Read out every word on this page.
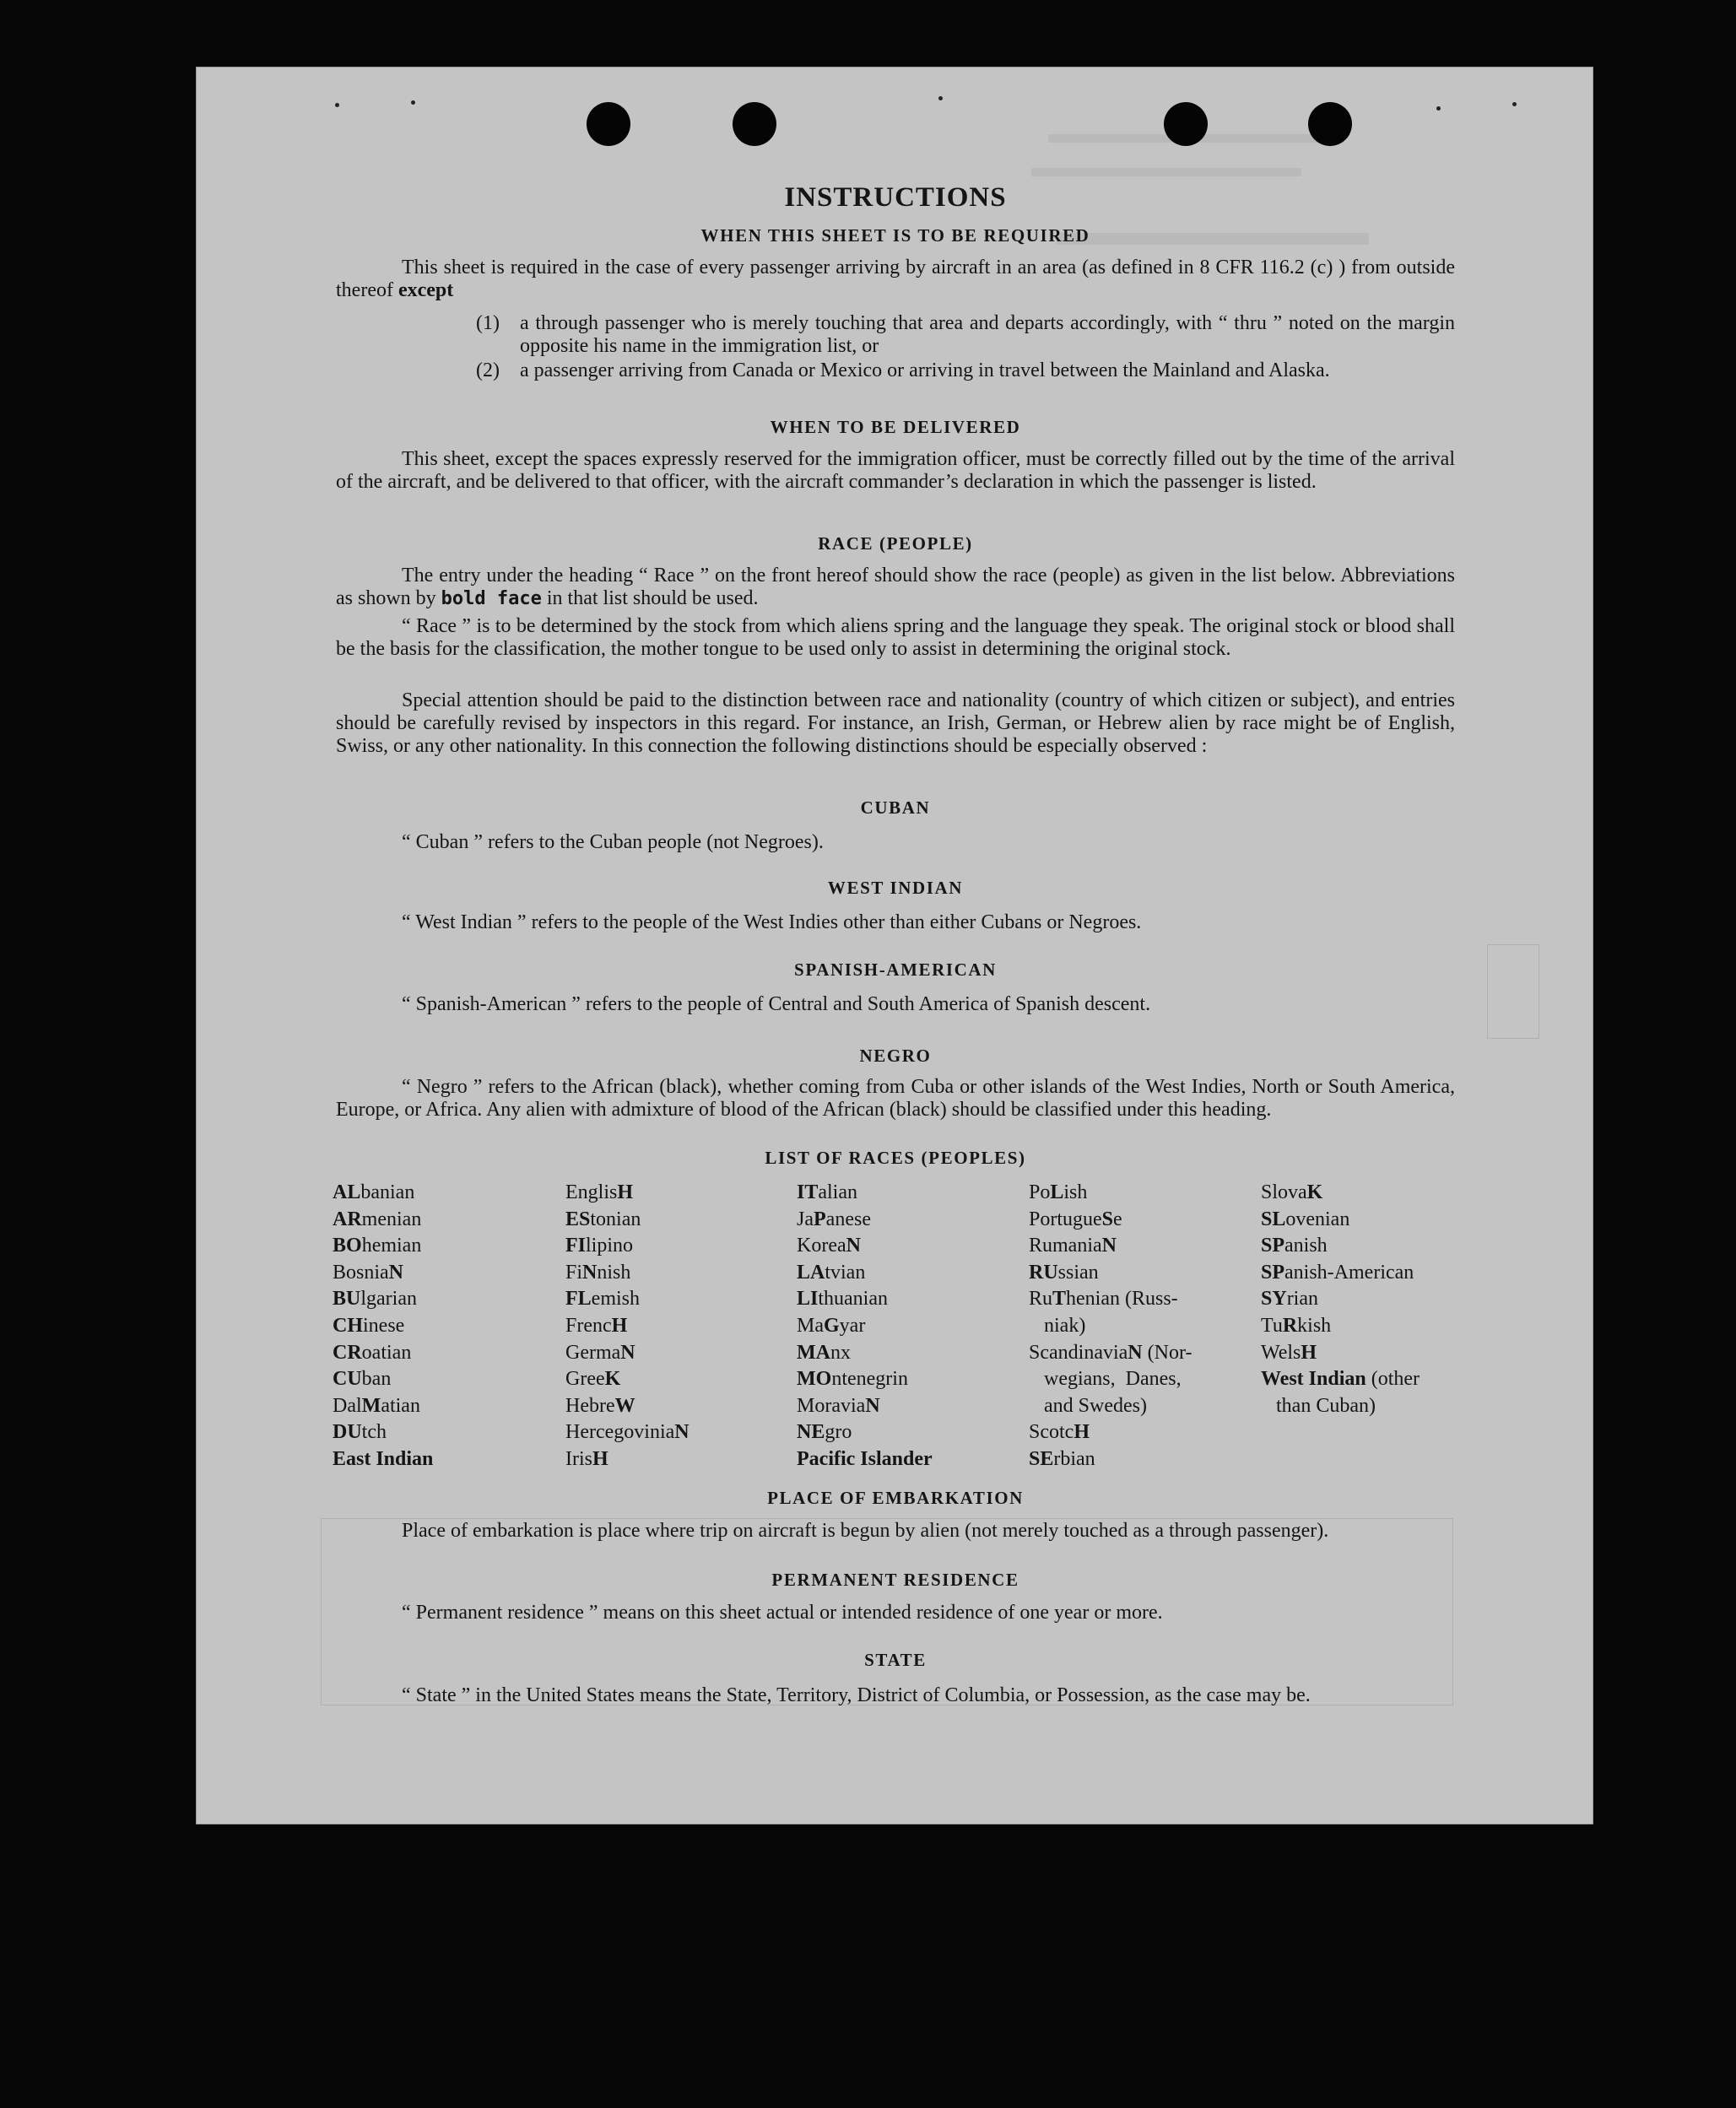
INSTRUCTIONS
WHEN THIS SHEET IS TO BE REQUIRED
This sheet is required in the case of every passenger arriving by aircraft in an area (as defined in 8 CFR 116.2 (c) ) from outside thereof except
(1) a through passenger who is merely touching that area and departs accordingly, with “ thru ” noted on the margin opposite his name in the immigration list, or
(2) a passenger arriving from Canada or Mexico or arriving in travel between the Mainland and Alaska.
WHEN TO BE DELIVERED
This sheet, except the spaces expressly reserved for the immigration officer, must be correctly filled out by the time of the arrival of the aircraft, and be delivered to that officer, with the aircraft commander’s declaration in which the passenger is listed.
RACE (PEOPLE)
The entry under the heading “ Race ” on the front hereof should show the race (people) as given in the list below. Abbreviations as shown by bold face in that list should be used.
“ Race ” is to be determined by the stock from which aliens spring and the language they speak. The original stock or blood shall be the basis for the classification, the mother tongue to be used only to assist in determining the original stock.
Special attention should be paid to the distinction between race and nationality (country of which citizen or subject), and entries should be carefully revised by inspectors in this regard. For instance, an Irish, German, or Hebrew alien by race might be of English, Swiss, or any other nationality. In this connection the following distinctions should be especially observed :
CUBAN
“ Cuban ” refers to the Cuban people (not Negroes).
WEST INDIAN
“ West Indian ” refers to the people of the West Indies other than either Cubans or Negroes.
SPANISH-AMERICAN
“ Spanish-American ” refers to the people of Central and South America of Spanish descent.
NEGRO
“ Negro ” refers to the African (black), whether coming from Cuba or other islands of the West Indies, North or South America, Europe, or Africa. Any alien with admixture of blood of the African (black) should be classified under this heading.
LIST OF RACES (PEOPLES)
ALbanian
ARmenian
BOhemian
BosniaN
BUlgarian
CHinese
CRoatian
CUban
DalMatian
DUtch
East Indian
EnglisH
EStonian
FIlipino
FiNnish
FLemish
FrencH
GermaN
GreeK
HebreW
HercegoviniaN
IrisH
ITalian
JaPanese
KoreaN
LAtvian
LIthuanian
MaGyar
MAnx
MOntenegrin
MoraviaN
NEgro
Pacific Islander
PoLish
PortugueSe
RumaniaN
RUssian
RuThenian (Russ-
niak)
ScandinaviaN (Nor-
wegians,  Danes,
and Swedes)
ScotcH
SErbian
SlovaK
SLovenian
SPanish
SPanish-American
SYrian
TuRkish
WelsH
West Indian (other
than Cuban)
PLACE OF EMBARKATION
Place of embarkation is place where trip on aircraft is begun by alien (not merely touched as a through passenger).
PERMANENT RESIDENCE
“ Permanent residence ” means on this sheet actual or intended residence of one year or more.
STATE
“ State ” in the United States means the State, Territory, District of Columbia, or Possession, as the case may be.
